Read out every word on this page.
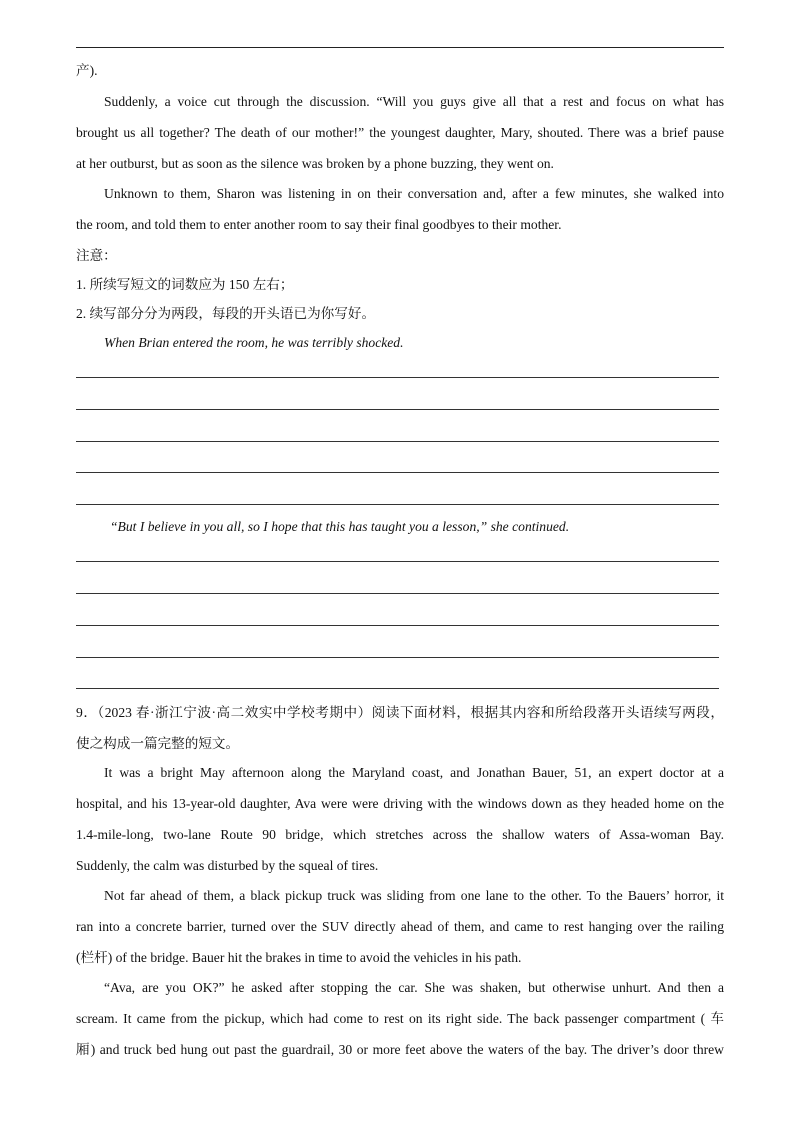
产).
Suddenly, a voice cut through the discussion. “Will you guys give all that a rest and focus on what has
brought us all together? The death of our mother!” the youngest daughter, Mary, shouted. There was a brief pause
at her outburst, but as soon as the silence was broken by a phone buzzing, they went on.
Unknown to them, Sharon was listening in on their conversation and, after a few minutes, she walked into
the room, and told them to enter another room to say their final goodbyes to their mother.
注意：
1. 所续写短文的词数应为 150 左右；
2. 续写部分分为两段，每段的开头语已为你写好。
When Brian entered the room, he was terribly shocked.
“But I believe in you all, so I hope that this has taught you a lesson,” she continued.
9．（2023 春·浙江宁波·高二效实中学校考期中）阅读下面材料，根据其内容和所给段落开头语续写两段，
使之构成一篇完整的短文。
It was a bright May afternoon along the Maryland coast, and Jonathan Bauer, 51, an expert doctor at a
hospital, and his 13-year-old daughter, Ava were were driving with the windows down as they headed home on the
1.4-mile-long, two-lane Route 90 bridge, which stretches across the shallow waters of Assa-woman Bay.
Suddenly, the calm was disturbed by the squeal of tires.
Not far ahead of them, a black pickup truck was sliding from one lane to the other. To the Bauers’ horror, it
ran into a concrete barrier, turned over the SUV directly ahead of them, and came to rest hanging over the railing
(栏杆) of the bridge. Bauer hit the brakes in time to avoid the vehicles in his path.
“Ava, are you OK?” he asked after stopping the car. She was shaken, but otherwise unhurt. And then a
scream. It came from the pickup, which had come to rest on its right side. The back passenger compartment ( 车
厢) and truck bed hung out past the guardrail, 30 or more feet above the waters of the bay. The driver’s door threw
